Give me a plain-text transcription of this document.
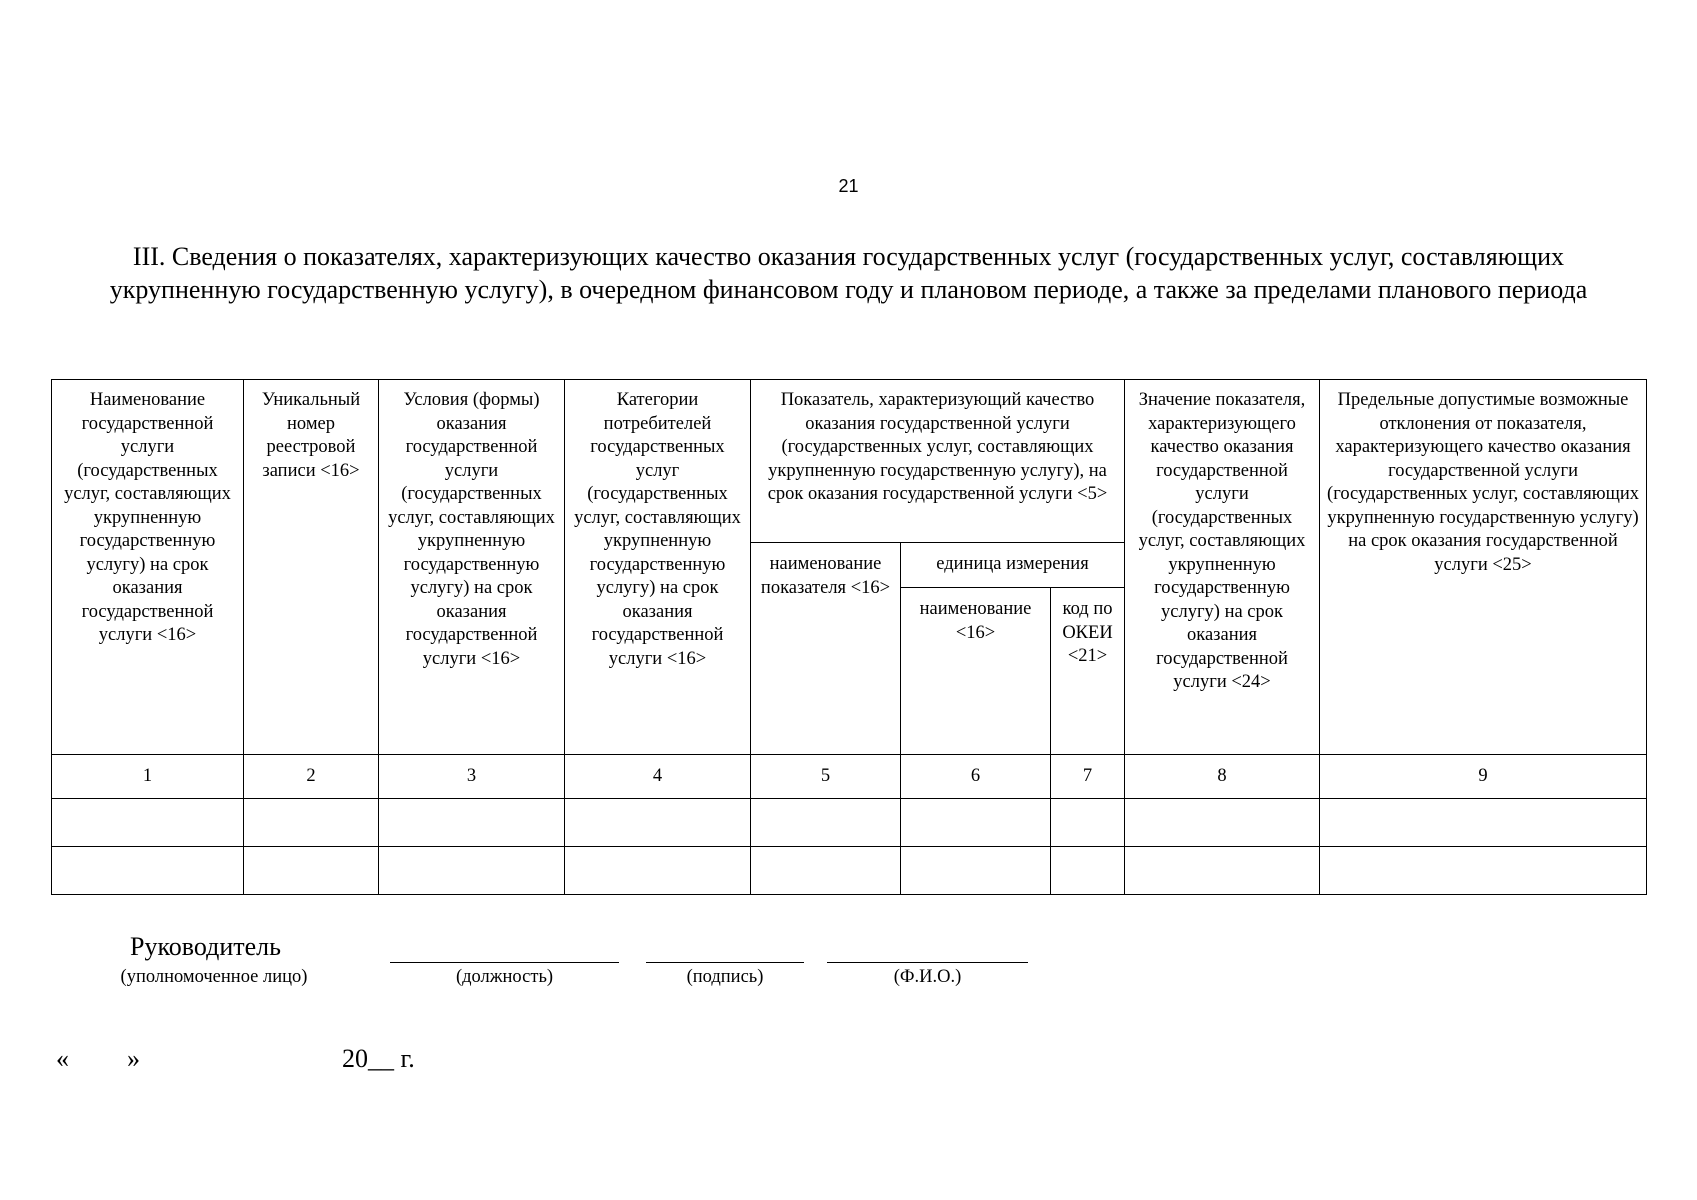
21
III. Сведения о показателях, характеризующих качество оказания государственных услуг (государственных услуг, составляющих укрупненную государственную услугу), в очередном финансовом году и плановом периоде, а также за пределами планового периода
Наименование государственной услуги (государственных услуг, составляющих укрупненную государственную услугу) на срок оказания государственной услуги <16>	Уникальный номер реестровой записи <16>	Условия (формы) оказания государственной услуги (государственных услуг, составляющих укрупненную государственную услугу) на срок оказания государственной услуги <16>	Категории потребителей государственных услуг (государственных услуг, составляющих укрупненную государственную услугу) на срок оказания государственной услуги <16>	Показатель, характеризующий качество оказания государственной услуги (государственных услуг, составляющих укрупненную государственную услугу), на срок оказания государственной услуги <5>			Значение показателя, характеризующего качество оказания государственной услуги (государственных услуг, составляющих укрупненную государственную услугу) на срок оказания государственной услуги <24>	Предельные допустимые возможные отклонения от показателя, характеризующего качество оказания государственной услуги (государственных услуг, составляющих укрупненную государственную услугу) на срок оказания государственной услуги <25>
				наименование показателя <16>	единица измерения			
					наименование <16>	код по ОКЕИ <21>		
1	2	3	4	5	6	7	8	9

Руководитель
(уполномоченное лицо)	(должность)	(подпись)	(Ф.И.О.)
« »	20__ г.
